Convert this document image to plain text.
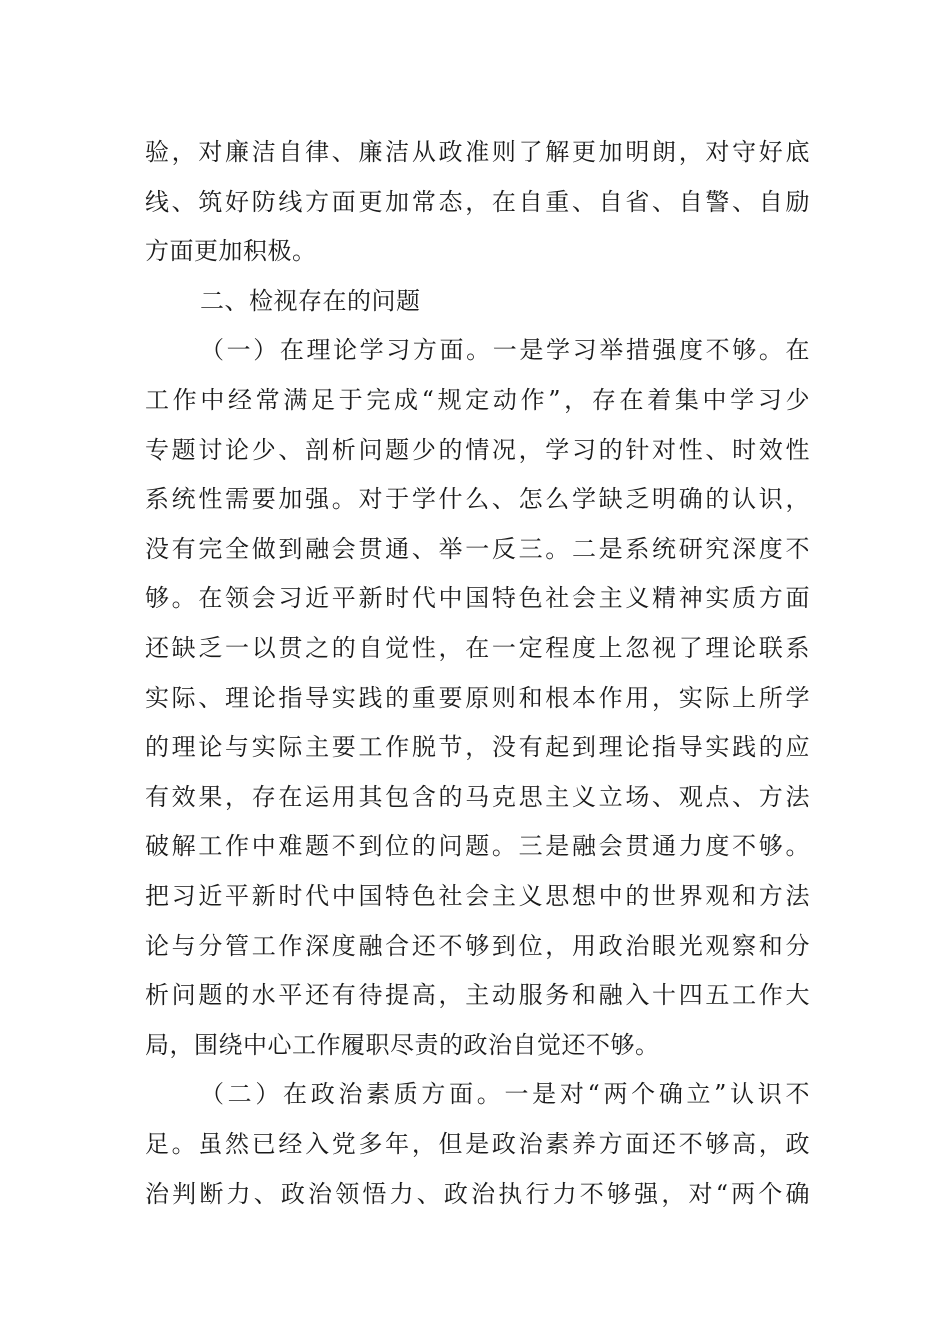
验，对廉洁自律、廉洁从政准则了解更加明朗，对守好底
线、筑好防线方面更加常态，在自重、自省、自警、自励
方面更加积极。
二、检视存在的问题
（一）在理论学习方面。一是学习举措强度不够。在
工作中经常满足于完成“规定动作”，存在着集中学习少
专题讨论少、剖析问题少的情况，学习的针对性、时效性
系统性需要加强。对于学什么、怎么学缺乏明确的认识，
没有完全做到融会贯通、举一反三。二是系统研究深度不
够。在领会习近平新时代中国特色社会主义精神实质方面
还缺乏一以贯之的自觉性，在一定程度上忽视了理论联系
实际、理论指导实践的重要原则和根本作用，实际上所学
的理论与实际主要工作脱节，没有起到理论指导实践的应
有效果，存在运用其包含的马克思主义立场、观点、方法
破解工作中难题不到位的问题。三是融会贯通力度不够。
把习近平新时代中国特色社会主义思想中的世界观和方法
论与分管工作深度融合还不够到位，用政治眼光观察和分
析问题的水平还有待提高，主动服务和融入十四五工作大
局，围绕中心工作履职尽责的政治自觉还不够。
（二）在政治素质方面。一是对“两个确立”认识不
足。虽然已经入党多年，但是政治素养方面还不够高，政
治判断力、政治领悟力、政治执行力不够强，对“两个确
